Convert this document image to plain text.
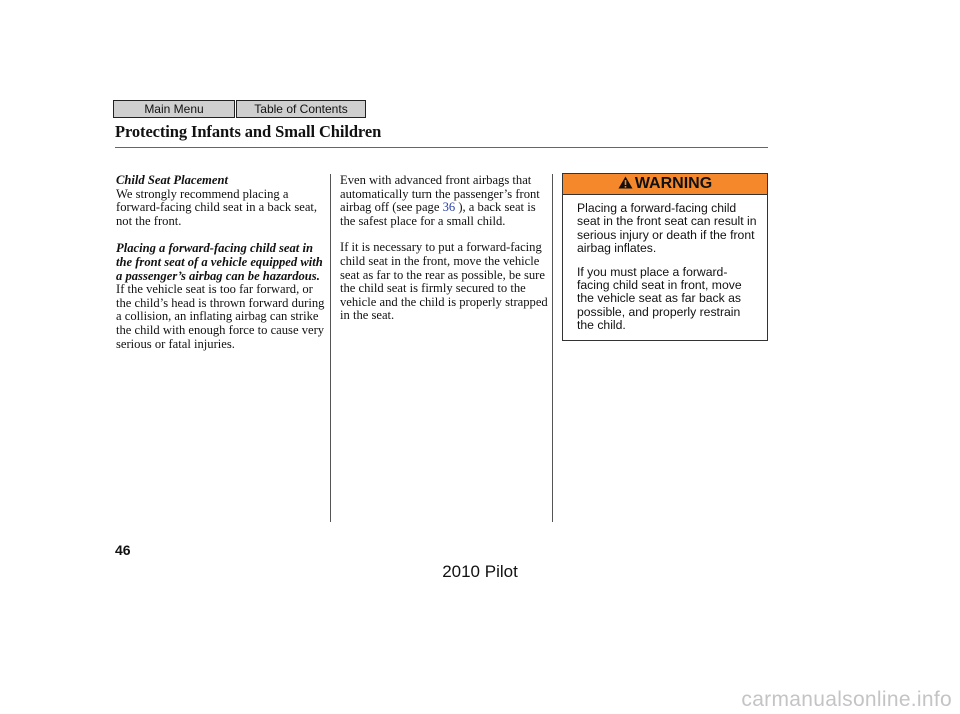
Main Menu	Table of Contents
Protecting Infants and Small Children

Child Seat Placement

We strongly recommend placing a forward-facing child seat in a back seat, not the front.

Placing a forward-facing child seat in the front seat of a vehicle equipped with a passenger’s airbag can be hazardous. If the vehicle seat is too far forward, or the child’s head is thrown forward during a collision, an inflating airbag can strike the child with enough force to cause very serious or fatal injuries.

Even with advanced front airbags that automatically turn the passenger’s front airbag off (see page 36 ), a back seat is the safest place for a small child.

If it is necessary to put a forward-facing child seat in the front, move the vehicle seat as far to the rear as possible, be sure the child seat is firmly secured to the vehicle and the child is properly strapped in the seat.

WARNING

Placing a forward-facing child seat in the front seat can result in serious injury or death if the front airbag inflates.

If you must place a forward-facing child seat in front, move the vehicle seat as far back as possible, and properly restrain the child.

46

2010 Pilot
carmanualsonline.info
